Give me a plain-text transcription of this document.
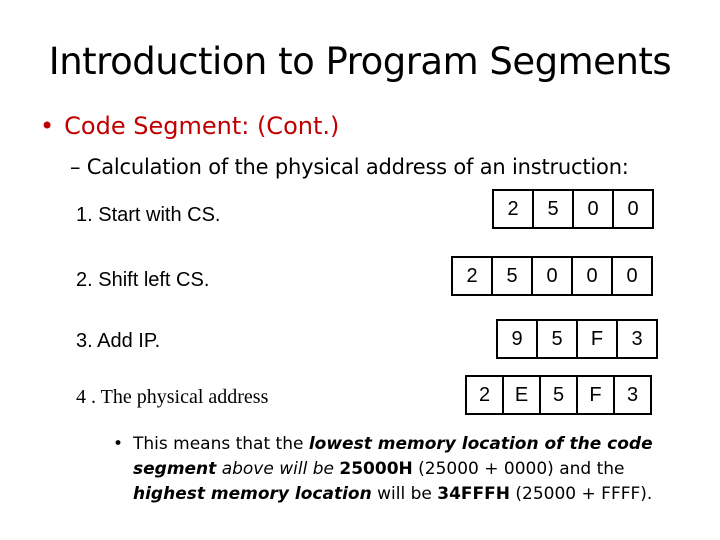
Introduction to Program Segments
• Code Segment: (Cont.)
– Calculation of the physical address of an instruction:
1. Start with CS.	2	5	0	0
2. Shift left CS.	2	5	0	0	0
3. Add IP.	9	5	F	3
4 . The physical address	2	E	5	F	3
• This means that the lowest memory location of the code segment above will be 25000H (25000 + 0000) and the highest memory location will be 34FFFH (25000 + FFFF).
